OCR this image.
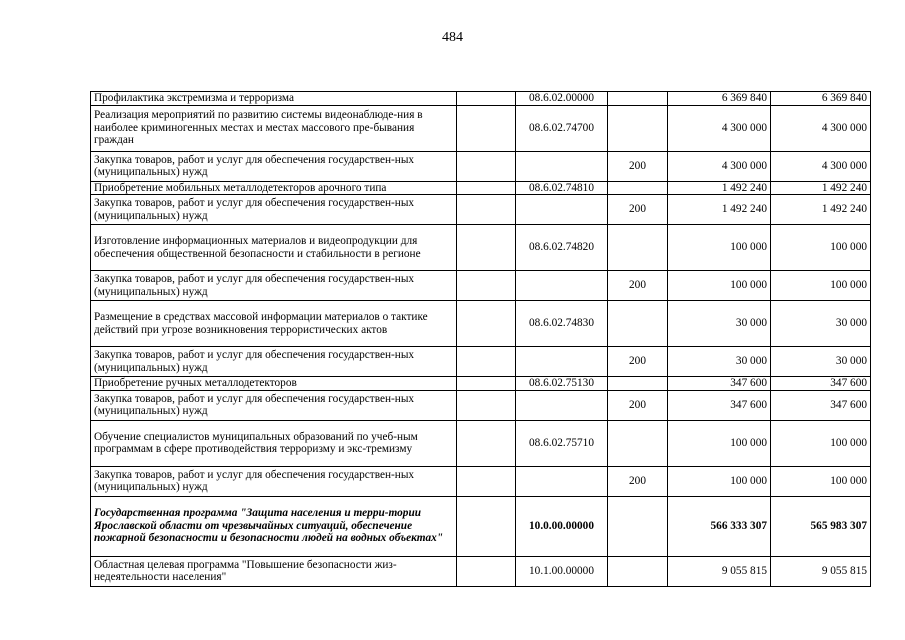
484
Профилактика экстремизма и терроризма		08.6.02.00000		6 369 840	6 369 840
Реализация мероприятий по развитию системы видеонаблюде-ния в наиболее криминогенных местах и местах массового пре-бывания граждан		08.6.02.74700		4 300 000	4 300 000
Закупка товаров, работ и услуг для обеспечения государствен-ных (муниципальных) нужд			200	4 300 000	4 300 000
Приобретение мобильных металлодетекторов арочного типа		08.6.02.74810		1 492 240	1 492 240
Закупка товаров, работ и услуг для обеспечения государствен-ных (муниципальных) нужд			200	1 492 240	1 492 240
Изготовление информационных материалов и видеопродукции для обеспечения общественной безопасности и стабильности в регионе		08.6.02.74820		100 000	100 000
Закупка товаров, работ и услуг для обеспечения государствен-ных (муниципальных) нужд			200	100 000	100 000
Размещение в средствах массовой информации материалов о тактике действий при угрозе возникновения террористических актов		08.6.02.74830		30 000	30 000
Закупка товаров, работ и услуг для обеспечения государствен-ных (муниципальных) нужд			200	30 000	30 000
Приобретение ручных металлодетекторов		08.6.02.75130		347 600	347 600
Закупка товаров, работ и услуг для обеспечения государствен-ных (муниципальных) нужд			200	347 600	347 600
Обучение специалистов муниципальных образований по учеб-ным программам в сфере противодействия терроризму и экс-тремизму		08.6.02.75710		100 000	100 000
Закупка товаров, работ и услуг для обеспечения государствен-ных (муниципальных) нужд			200	100 000	100 000
Государственная программа "Защита населения и терри-тории Ярославской области от чрезвычайных ситуаций, обеспечение пожарной безопасности и безопасности людей на водных объектах"		10.0.00.00000		566 333 307	565 983 307
Областная целевая программа "Повышение безопасности жиз-недеятельности населения"		10.1.00.00000		9 055 815	9 055 815
